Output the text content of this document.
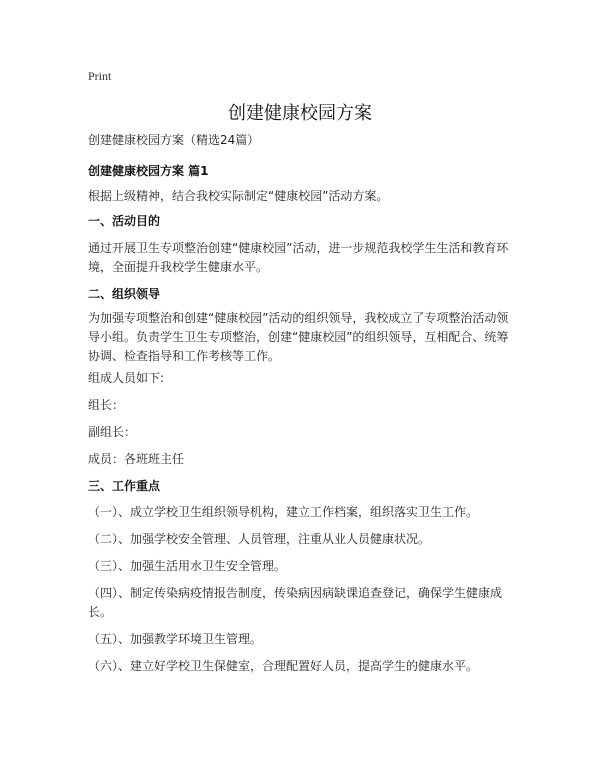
Print
创建健康校园方案
创建健康校园方案（精选24篇）
创建健康校园方案 篇1
根据上级精神，结合我校实际制定“健康校园”活动方案。
一、活动目的
通过开展卫生专项整治创建“健康校园”活动，进一步规范我校学生生活和教育环境，全面提升我校学生健康水平。
二、组织领导
为加强专项整治和创建“健康校园”活动的组织领导，我校成立了专项整治活动领导小组。负责学生卫生专项整治，创建“健康校园”的组织领导，互相配合、统筹协调、检查指导和工作考核等工作。
组成人员如下:
组长：
副组长：
成员：各班班主任
三、工作重点
（一）、成立学校卫生组织领导机构，建立工作档案，组织落实卫生工作。
（二）、加强学校安全管理、人员管理，注重从业人员健康状况。
（三）、加强生活用水卫生安全管理。
（四）、制定传染病疫情报告制度，传染病因病缺课追查登记，确保学生健康成长。
（五）、加强教学环境卫生管理。
（六）、建立好学校卫生保健室，合理配置好人员，提高学生的健康水平。
